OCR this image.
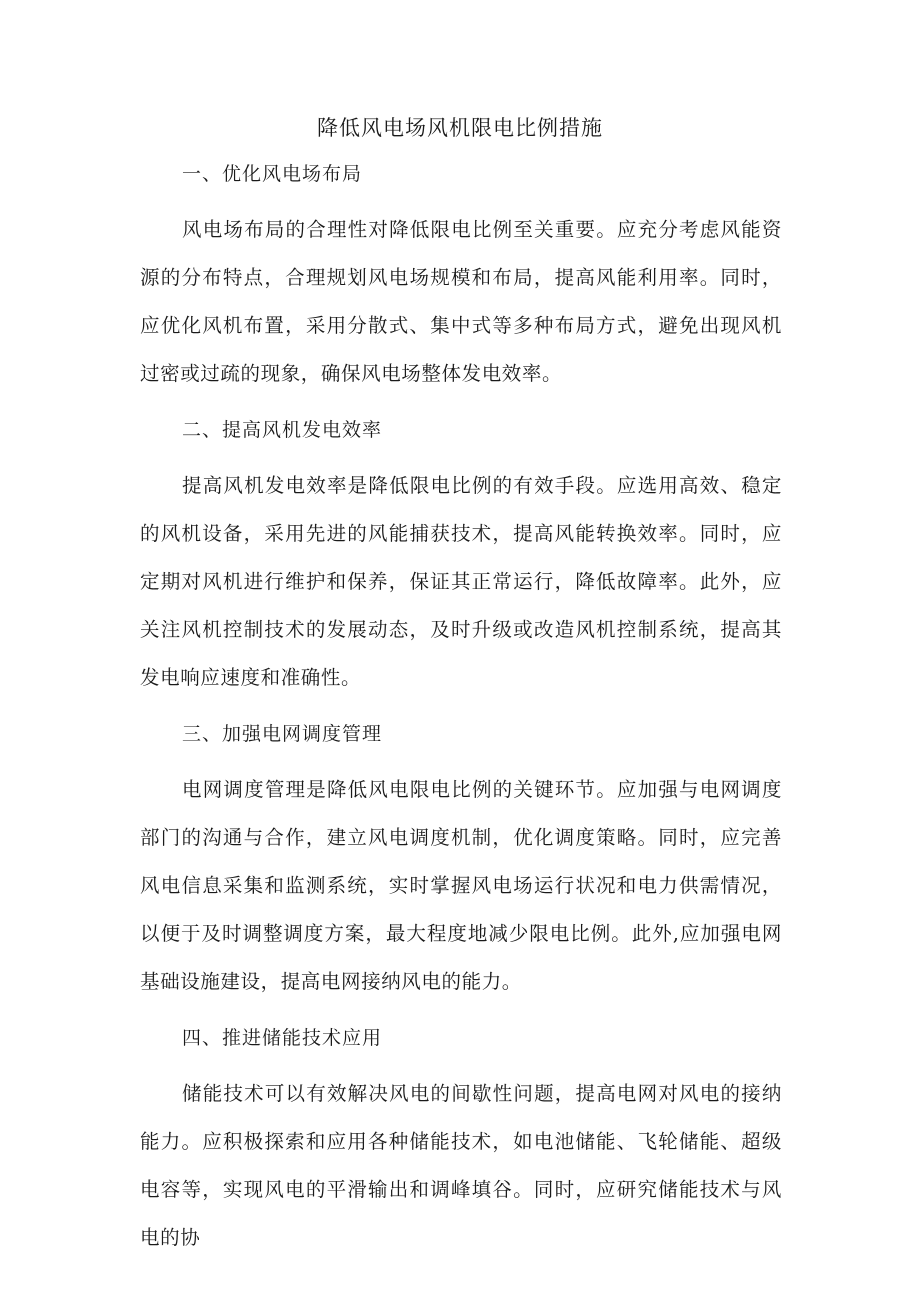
降低风电场风机限电比例措施

一、优化风电场布局

风电场布局的合理性对降低限电比例至关重要。应充分考虑风能资源的分布特点，合理规划风电场规模和布局，提高风能利用率。同时，应优化风机布置，采用分散式、集中式等多种布局方式，避免出现风机过密或过疏的现象，确保风电场整体发电效率。

二、提高风机发电效率

提高风机发电效率是降低限电比例的有效手段。应选用高效、稳定的风机设备，采用先进的风能捕获技术，提高风能转换效率。同时，应定期对风机进行维护和保养，保证其正常运行，降低故障率。此外，应关注风机控制技术的发展动态，及时升级或改造风机控制系统，提高其发电响应速度和准确性。

三、加强电网调度管理

电网调度管理是降低风电限电比例的关键环节。应加强与电网调度部门的沟通与合作，建立风电调度机制，优化调度策略。同时，应完善风电信息采集和监测系统，实时掌握风电场运行状况和电力供需情况，以便于及时调整调度方案，最大程度地减少限电比例。此外,应加强电网基础设施建设，提高电网接纳风电的能力。

四、推进储能技术应用

储能技术可以有效解决风电的间歇性问题，提高电网对风电的接纳能力。应积极探索和应用各种储能技术，如电池储能、飞轮储能、超级电容等，实现风电的平滑输出和调峰填谷。同时，应研究储能技术与风电的协
